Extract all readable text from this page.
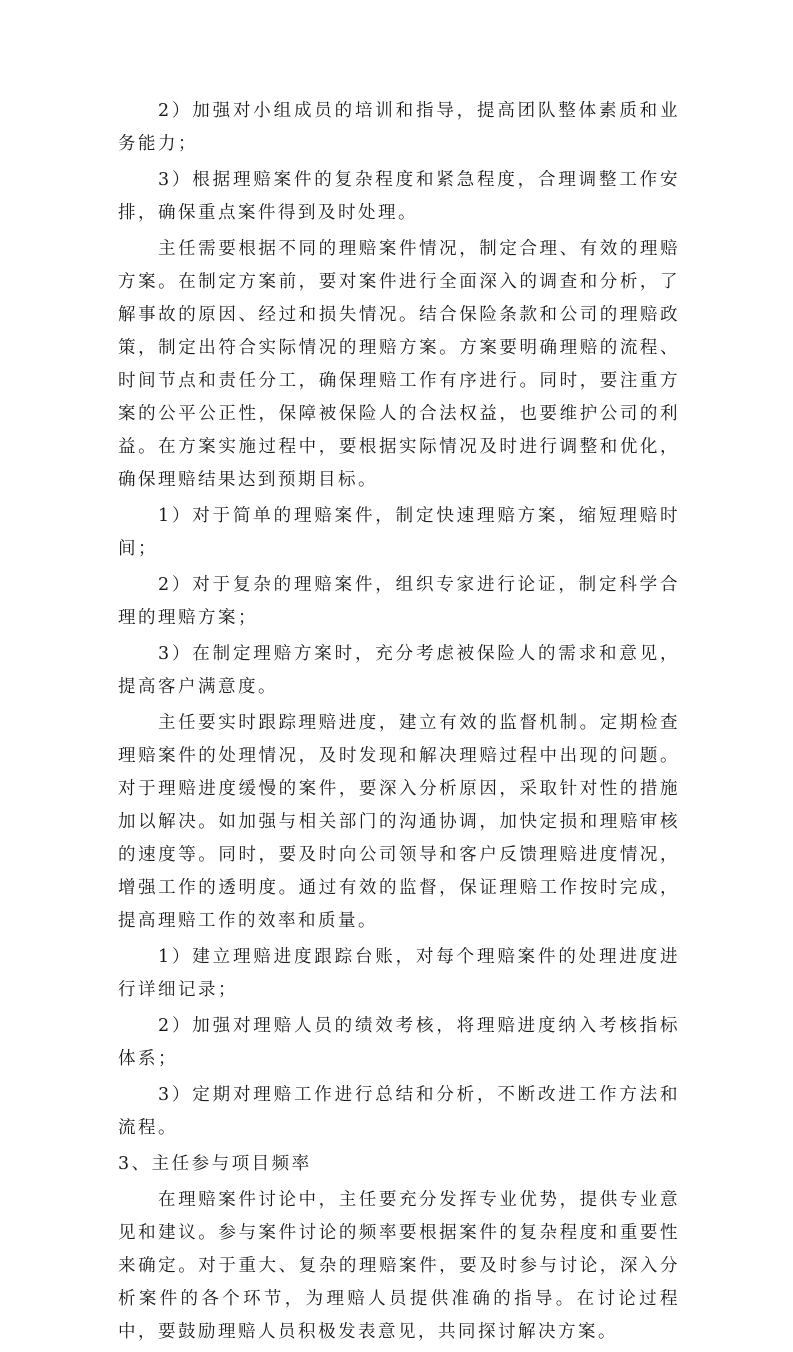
2）加强对小组成员的培训和指导，提高团队整体素质和业务能力；

3）根据理赔案件的复杂程度和紧急程度，合理调整工作安排，确保重点案件得到及时处理。

主任需要根据不同的理赔案件情况，制定合理、有效的理赔方案。在制定方案前，要对案件进行全面深入的调查和分析，了解事故的原因、经过和损失情况。结合保险条款和公司的理赔政策，制定出符合实际情况的理赔方案。方案要明确理赔的流程、时间节点和责任分工，确保理赔工作有序进行。同时，要注重方案的公平公正性，保障被保险人的合法权益，也要维护公司的利益。在方案实施过程中，要根据实际情况及时进行调整和优化，确保理赔结果达到预期目标。

1）对于简单的理赔案件，制定快速理赔方案，缩短理赔时间；

2）对于复杂的理赔案件，组织专家进行论证，制定科学合理的理赔方案；

3）在制定理赔方案时，充分考虑被保险人的需求和意见，提高客户满意度。

主任要实时跟踪理赔进度，建立有效的监督机制。定期检查理赔案件的处理情况，及时发现和解决理赔过程中出现的问题。对于理赔进度缓慢的案件，要深入分析原因，采取针对性的措施加以解决。如加强与相关部门的沟通协调，加快定损和理赔审核的速度等。同时，要及时向公司领导和客户反馈理赔进度情况，增强工作的透明度。通过有效的监督，保证理赔工作按时完成，提高理赔工作的效率和质量。

1）建立理赔进度跟踪台账，对每个理赔案件的处理进度进行详细记录；

2）加强对理赔人员的绩效考核，将理赔进度纳入考核指标体系；

3）定期对理赔工作进行总结和分析，不断改进工作方法和流程。

3、主任参与项目频率

在理赔案件讨论中，主任要充分发挥专业优势，提供专业意见和建议。参与案件讨论的频率要根据案件的复杂程度和重要性来确定。对于重大、复杂的理赔案件，要及时参与讨论，深入分析案件的各个环节，为理赔人员提供准确的指导。在讨论过程中，要鼓励理赔人员积极发表意见，共同探讨解决方案。
